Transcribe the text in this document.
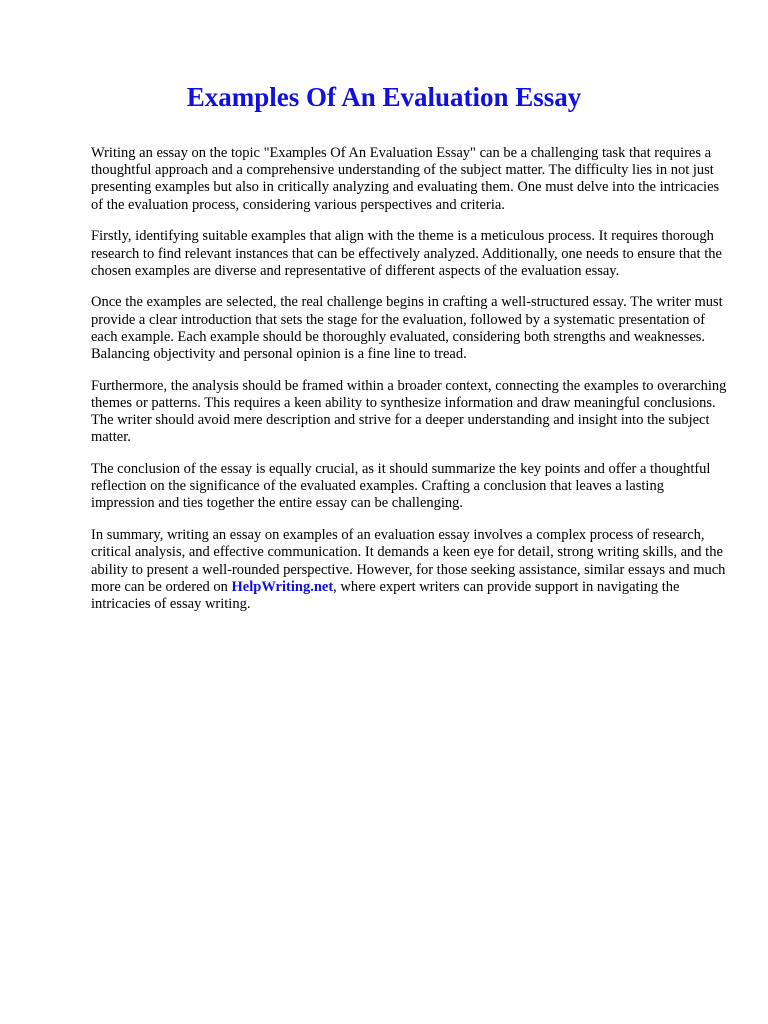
Examples Of An Evaluation Essay

Writing an essay on the topic "Examples Of An Evaluation Essay" can be a challenging task that requires a thoughtful approach and a comprehensive understanding of the subject matter. The difficulty lies in not just presenting examples but also in critically analyzing and evaluating them. One must delve into the intricacies of the evaluation process, considering various perspectives and criteria.

Firstly, identifying suitable examples that align with the theme is a meticulous process. It requires thorough research to find relevant instances that can be effectively analyzed. Additionally, one needs to ensure that the chosen examples are diverse and representative of different aspects of the evaluation essay.

Once the examples are selected, the real challenge begins in crafting a well-structured essay. The writer must provide a clear introduction that sets the stage for the evaluation, followed by a systematic presentation of each example. Each example should be thoroughly evaluated, considering both strengths and weaknesses. Balancing objectivity and personal opinion is a fine line to tread.

Furthermore, the analysis should be framed within a broader context, connecting the examples to overarching themes or patterns. This requires a keen ability to synthesize information and draw meaningful conclusions. The writer should avoid mere description and strive for a deeper understanding and insight into the subject matter.

The conclusion of the essay is equally crucial, as it should summarize the key points and offer a thoughtful reflection on the significance of the evaluated examples. Crafting a conclusion that leaves a lasting impression and ties together the entire essay can be challenging.

In summary, writing an essay on examples of an evaluation essay involves a complex process of research, critical analysis, and effective communication. It demands a keen eye for detail, strong writing skills, and the ability to present a well-rounded perspective. However, for those seeking assistance, similar essays and much more can be ordered on HelpWriting.net, where expert writers can provide support in navigating the intricacies of essay writing.
